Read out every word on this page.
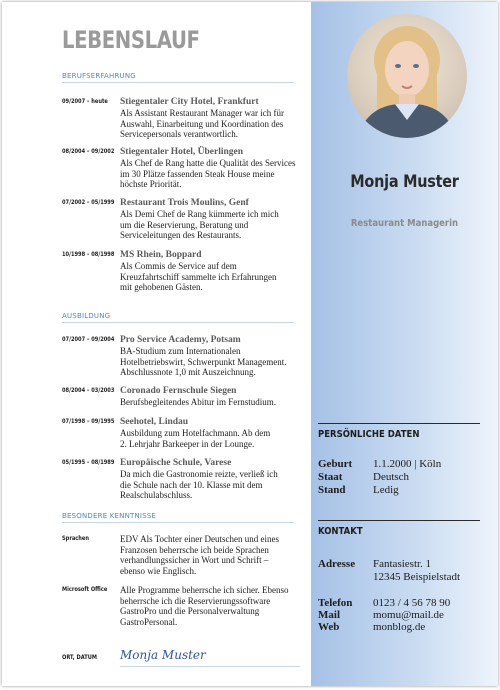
Monja Muster
Restaurant Managerin
PERSÖNLICHE DATEN
Geburt 1.1.2000 | Köln
Staat	Deutsch
Stand Ledig
KONTAKT
Adresse Fantasiestr. 1
12345 Beispielstadt
Telefon 0123 / 4 56 78 90
Mail	momu@mail.de
Web	monblog.de
LEBENSLAUF
BERUFSERFAHRUNG
09/2007 – heute	Stiegentaler City Hotel, Frankfurt
Als Assistant Restaurant Manager war ich für
Auswahl, Einarbeitung und Koordination des
Servicepersonals verantwortlich.
08/2004 – 09/2002 Stiegentaler Hotel, Überlingen
Als Chef de Rang hatte die Qualität des Services
im 30 Plätze fassenden Steak House meine
höchste Priorität.
07/2002 – 05/1999 Restaurant Trois Moulins, Genf
Als Demi Chef de Rang kümmerte ich mich
um die Reservierung, Beratung und
Serviceleitungen des Restaurants.
10/1998 – 08/1998 MS Rhein, Boppard
Als Commis de Service auf dem
Kreuzfahrtschiff sammelte ich Erfahrungen
mit gehobenen Gästen.
AUSBILDUNG
07/2007 – 09/2004 Pro Service Academy, Potsam
BA-Studium zum Internationalen
Hotelbetriebswirt, Schwerpunkt Management.
Abschlussnote 1,0 mit Auszeichnung.
08/2004 – 03/2003 Coronado Fernschule Siegen
Berufsbegleitendes Abitur im Fernstudium.
07/1998 – 09/1995 Seehotel, Lindau
Ausbildung zum Hotelfachmann. Ab dem
2. Lehrjahr Barkeeper in der Lounge.
05/1995 – 08/1989 Europäische Schule, Varese
Da mich die Gastronomie reizte, verließ ich
die Schule nach der 10. Klasse mit dem
Realschulabschluss.
BESONDERE KENNTNISSE
Sprachen	EDV Als Tochter einer Deutschen und eines
Franzosen beherrsche ich beide Sprachen
verhandlungssicher in Wort und Schrift –
ebenso wie Englisch.
Microsoft Office	Alle Programme beherrsche ich sicher. Ebenso
beherrsche ich die Reservierungssoftware
GastroPro und die Personalverwaltung
GastroPersonal.
ORT, DATUM Monja Muster
